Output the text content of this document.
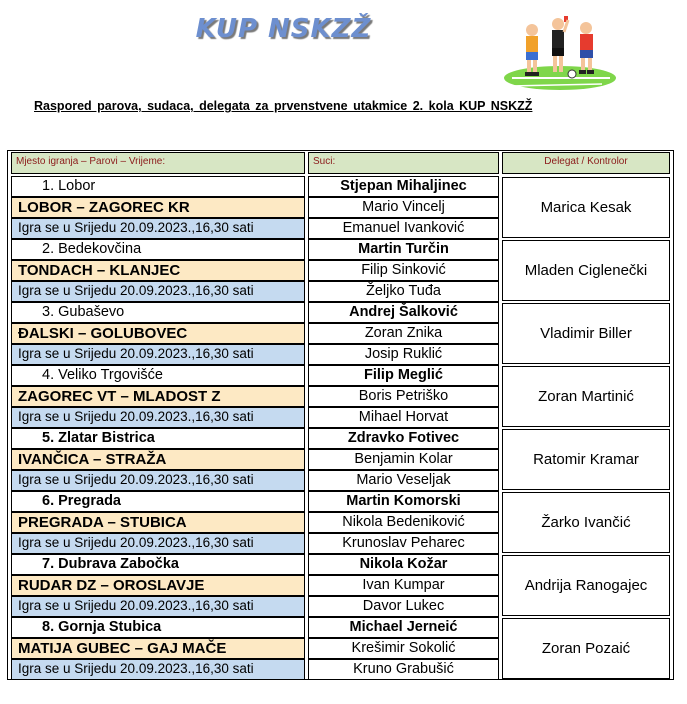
KUP NSKZŽ
Raspored parova, sudaca, delegata za prvenstvene utakmice 2. kola KUP NSKZŽ
Mjesto igranja – Parovi – Vrijeme:	Suci:	Delegat / Kontrolor
1. Lobor
LOBOR – ZAGOREC KR
Igra se u Srijedu 20.09.2023.,16,30 sati
Stjepan Mihaljinec
Mario Vincelj
Emanuel Ivanković
Marica Kesak
2. Bedekovčina
TONDACH – KLANJEC
Igra se u Srijedu 20.09.2023.,16,30 sati
Martin Turčin
Filip Sinković
Željko Tuđa
Mladen Ciglenečki
3. Gubaševo
ĐALSKI – GOLUBOVEC
Igra se u Srijedu 20.09.2023.,16,30 sati
Andrej Šalković
Zoran Znika
Josip Ruklić
Vladimir Biller
4. Veliko Trgovišće
ZAGOREC VT – MLADOST Z
Igra se u Srijedu 20.09.2023.,16,30 sati
Filip Meglić
Boris Petriško
Mihael Horvat
Zoran Martinić
5. Zlatar Bistrica
IVANČICA – STRAŽA
Igra se u Srijedu 20.09.2023.,16,30 sati
Zdravko Fotivec
Benjamin Kolar
Mario Veseljak
Ratomir Kramar
6. Pregrada
PREGRADA – STUBICA
Igra se u Srijedu 20.09.2023.,16,30 sati
Martin Komorski
Nikola Bedeniković
Krunoslav Peharec
Žarko Ivančić
7. Dubrava Zabočka
RUDAR DZ – OROSLAVJE
Igra se u Srijedu 20.09.2023.,16,30 sati
Nikola Kožar
Ivan Kumpar
Davor Lukec
Andrija Ranogajec
8. Gornja Stubica
MATIJA GUBEC – GAJ MAČE
Igra se u Srijedu 20.09.2023.,16,30 sati
Michael Jerneić
Krešimir Sokolić
Kruno Grabušić
Zoran Pozaić
